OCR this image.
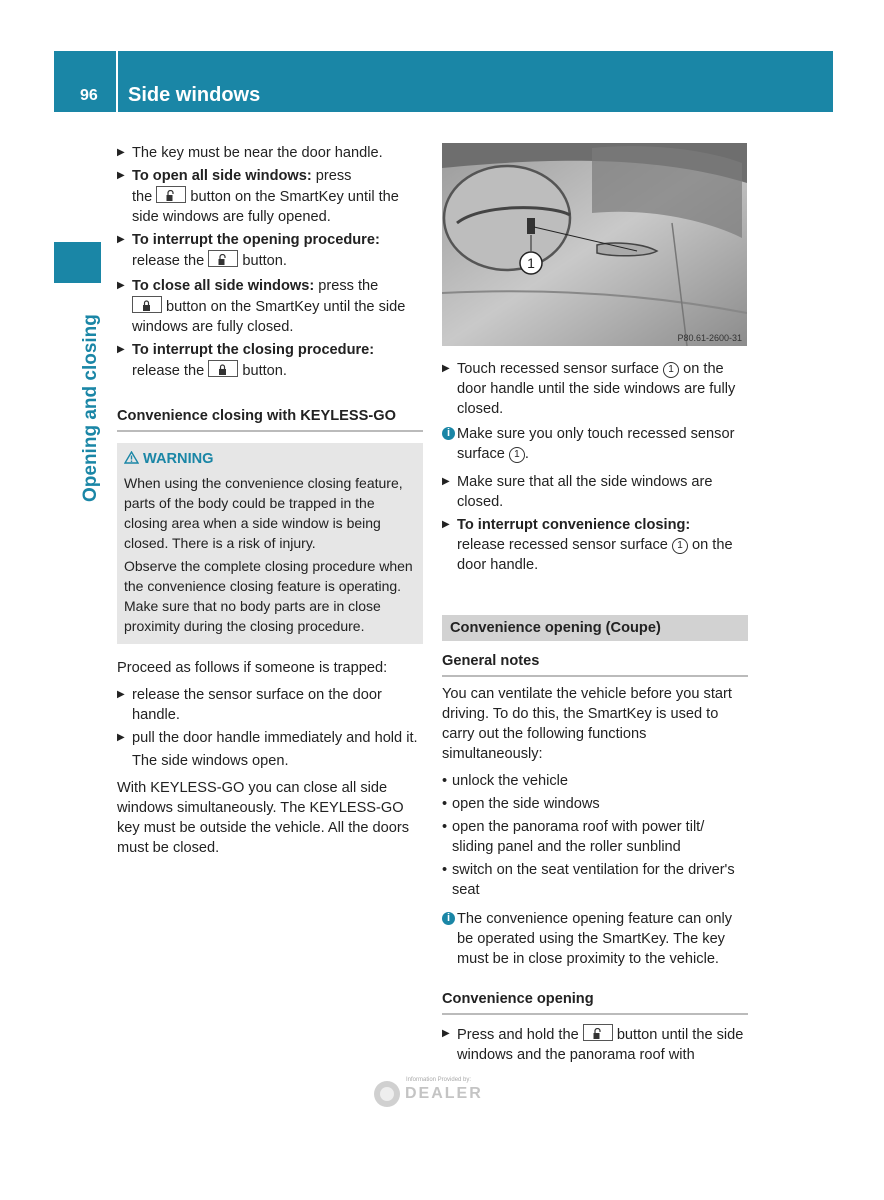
96 Side windows
Opening and closing

▶ The key must be near the door handle.

▶ To open all side windows: press
the
button on the SmartKey until the side windows are fully opened.

▶ To interrupt the opening procedure:
release the
button.

▶ To close all side windows: press the

button on the SmartKey until the side windows are fully closed.

▶ To interrupt the closing procedure:
release the
button.

Convenience closing with KEYLESS-GO

WARNING

When using the convenience closing feature, parts of the body could be trapped in the closing area when a side window is being closed. There is a risk of injury.

Observe the complete closing procedure when the convenience closing feature is operating. Make sure that no body parts are in close proximity during the closing procedure.

Proceed as follows if someone is trapped:

▶ release the sensor surface on the door handle.

▶ pull the door handle immediately and hold it.

The side windows open.

With KEYLESS-GO you can close all side windows simultaneously. The KEYLESS-GO key must be outside the vehicle. All the doors must be closed.

1
P80.61-2600-31

▶ Touch recessed sensor surface 1 on the door handle until the side windows are fully closed.

i Make sure you only touch recessed sensor surface 1 .

▶ Make sure that all the side windows are closed.

▶ To interrupt convenience closing:
release recessed sensor surface 1 on the door handle.

Convenience opening (Coupe)

General notes

You can ventilate the vehicle before you start driving. To do this, the SmartKey is used to carry out the following functions simultaneously:

• unlock the vehicle

• open the side windows

• open the panorama roof with power tilt/ sliding panel and the roller sunblind

• switch on the seat ventilation for the driver's seat

i The convenience opening feature can only be operated using the SmartKey. The key must be in close proximity to the vehicle.

Convenience opening

▶ Press and hold the
button until the side windows and the panorama roof with

Information Provided by:
DEALER
